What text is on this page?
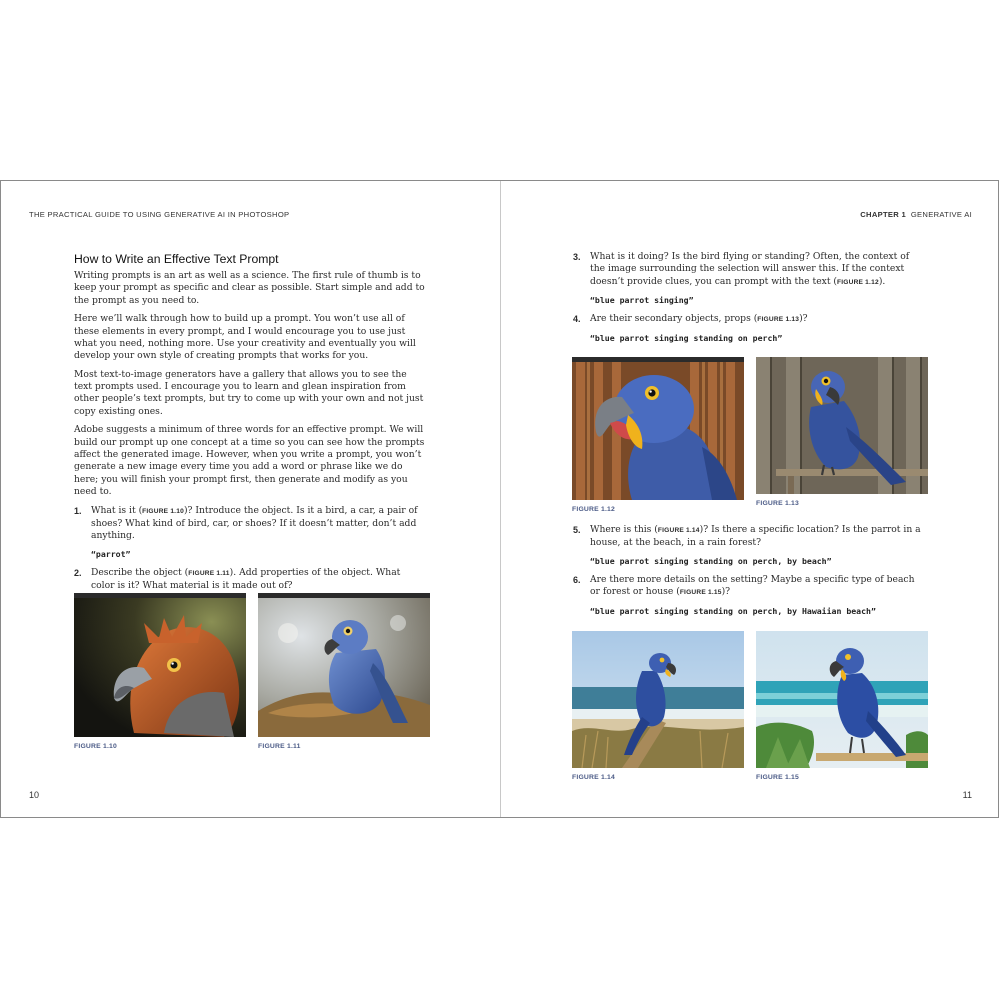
THE PRACTICAL GUIDE TO USING GENERATIVE AI IN PHOTOSHOP
How to Write an Effective Text Prompt

Writing prompts is an art as well as a science. The first rule of thumb is to keep your prompt as specific and clear as possible. Start simple and add to the prompt as you need to.

Here we’ll walk through how to build up a prompt. You won’t use all of these elements in every prompt, and I would encourage you to use just what you need, nothing more. Use your creativity and eventually you will develop your own style of creating prompts that works for you.

Most text-to-image generators have a gallery that allows you to see the text prompts used. I encourage you to learn and glean inspiration from other people’s text prompts, but try to come up with your own and not just copy existing ones.

Adobe suggests a minimum of three words for an effective prompt. We will build our prompt up one concept at a time so you can see how the prompts affect the generated image. However, when you write a prompt, you won’t generate a new image every time you add a word or phrase like we do here; you will finish your prompt first, then generate and modify as you need to.

1. What is it (FIGURE 1.10)? Introduce the object. Is it a bird, a car, a pair of shoes? What kind of bird, car, or shoes? If it doesn’t matter, don’t add anything.
“parrot”
2. Describe the object (FIGURE 1.11). Add properties of the object. What color is it? What material is it made out of?
FIGURE 1.10	FIGURE 1.11
10
CHAPTER 1 GENERATIVE AI
3. What is it doing? Is the bird flying or standing? Often, the context of the image surrounding the selection will answer this. If the context doesn’t provide clues, you can prompt with the text (FIGURE 1.12).
“blue parrot singing”
4. Are their secondary objects, props (FIGURE 1.13)?
“blue parrot singing standing on perch”
FIGURE 1.12
FIGURE 1.13
5. Where is this (FIGURE 1.14)? Is there a specific location? Is the parrot in a house, at the beach, in a rain forest?
“blue parrot singing standing on perch, by beach”
6. Are there more details on the setting? Maybe a specific type of beach or forest or house (FIGURE 1.15)?
“blue parrot singing standing on perch, by Hawaiian beach”
FIGURE 1.14	FIGURE 1.15
11
